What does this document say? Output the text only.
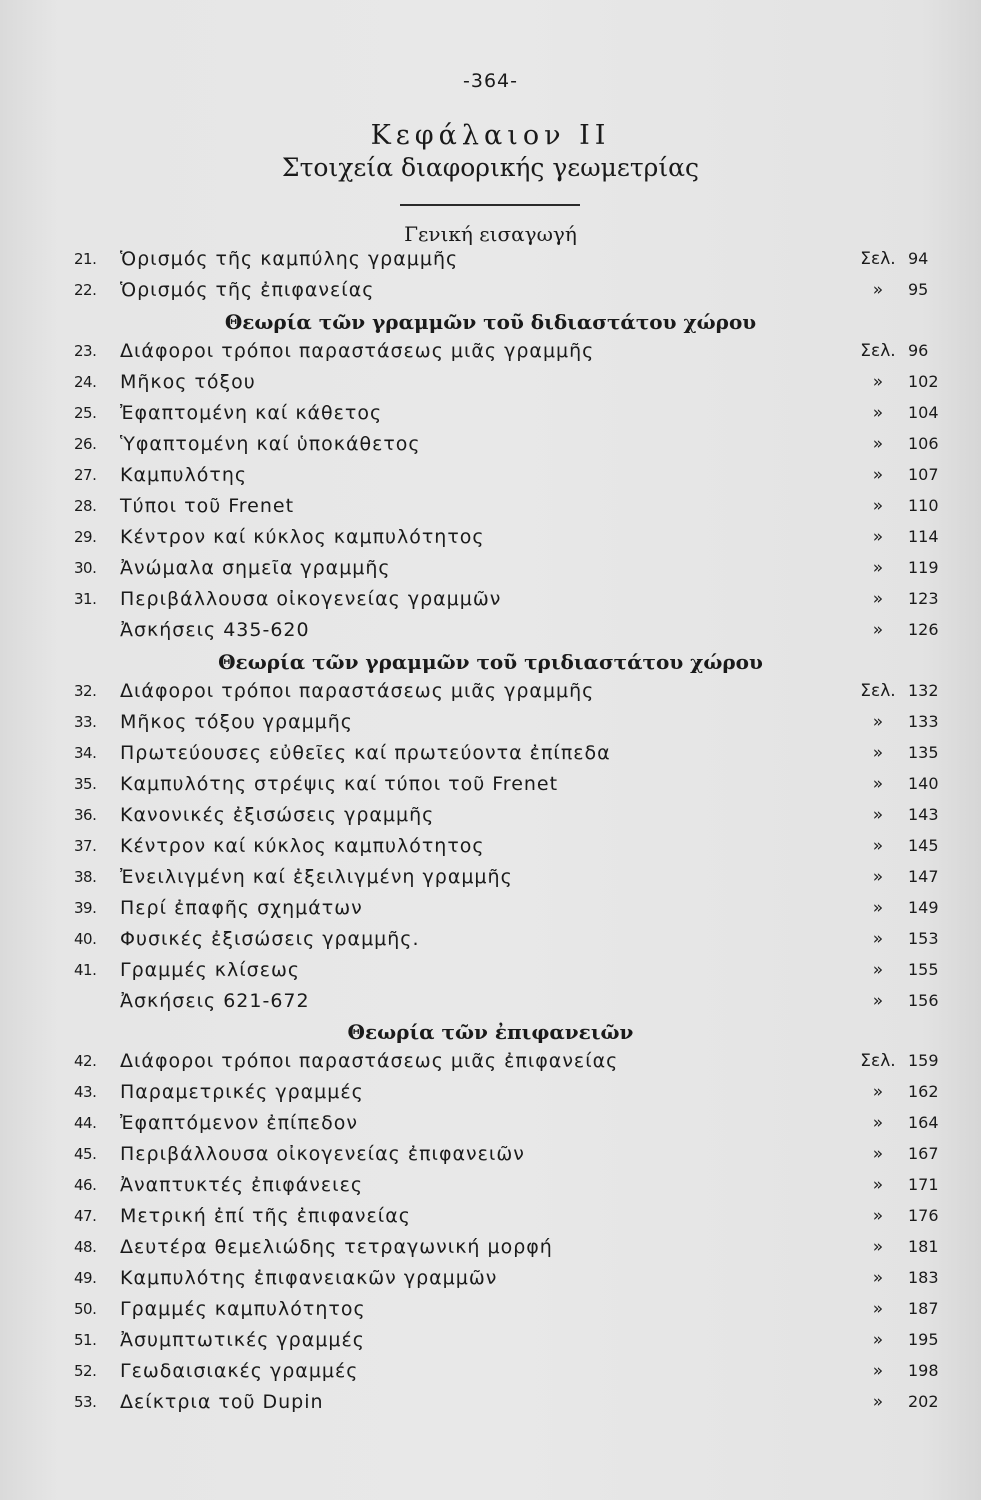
-364-
Κεφάλαιον ΙΙ
Στοιχεία διαφορικής γεωμετρίας
Γενική εισαγωγή
21. Ὁρισμός τῆς καμπύλης γραμμῆς	Σελ. 94
22. Ὁρισμός τῆς ἐπιφανείας	»	95
Θεωρία τῶν γραμμῶν τοῦ διδιαστάτου χώρου
23. Διάφοροι τρόποι παραστάσεως μιᾶς γραμμῆς	Σελ. 96
24. Μῆκος τόξου	»	102
25. Ἐφαπτομένη καί κάθετος	»	104
26. Ὑφαπτομένη καί ὑποκάθετος	»	106
27. Καμπυλότης	»	107
28. Τύποι τοῦ Frenet	»	110
29. Κέντρον καί κύκλος καμπυλότητος	»	114
30. Ἀνώμαλα σημεῖα γραμμῆς	»	119
31. Περιβάλλουσα οἰκογενείας γραμμῶν	»	123
Ἀσκήσεις 435-620	»	126
Θεωρία τῶν γραμμῶν τοῦ τριδιαστάτου χώρου
32. Διάφοροι τρόποι παραστάσεως μιᾶς γραμμῆς	Σελ. 132
33. Μῆκος τόξου γραμμῆς	»	133
34. Πρωτεύουσες εὐθεῖες καί πρωτεύοντα ἐπίπεδα	»	135
35. Καμπυλότης στρέψις καί τύποι τοῦ Frenet	»	140
36. Κανονικές ἐξισώσεις γραμμῆς	»	143
37. Κέντρον καί κύκλος καμπυλότητος	»	145
38. Ἐνειλιγμένη καί ἐξειλιγμένη γραμμῆς	»	147
39. Περί ἐπαφῆς σχημάτων	»	149
40. Φυσικές ἐξισώσεις γραμμῆς.	»	153
41. Γραμμές κλίσεως	»	155
Ἀσκήσεις 621-672	»	156
Θεωρία τῶν ἐπιφανειῶν
42. Διάφοροι τρόποι παραστάσεως μιᾶς ἐπιφανείας	Σελ. 159
43. Παραμετρικές γραμμές	»	162
44. Ἐφαπτόμενον ἐπίπεδον	»	164
45. Περιβάλλουσα οἰκογενείας ἐπιφανειῶν	»	167
46. Ἀναπτυκτές ἐπιφάνειες	»	171
47. Μετρική ἐπί τῆς ἐπιφανείας	»	176
48. Δευτέρα θεμελιώδης τετραγωνική μορφή	»	181
49. Καμπυλότης ἐπιφανειακῶν γραμμῶν	»	183
50. Γραμμές καμπυλότητος	»	187
51. Ἀσυμπτωτικές γραμμές	»	195
52. Γεωδαισιακές γραμμές	»	198
53. Δείκτρια τοῦ Dupin	»	202
